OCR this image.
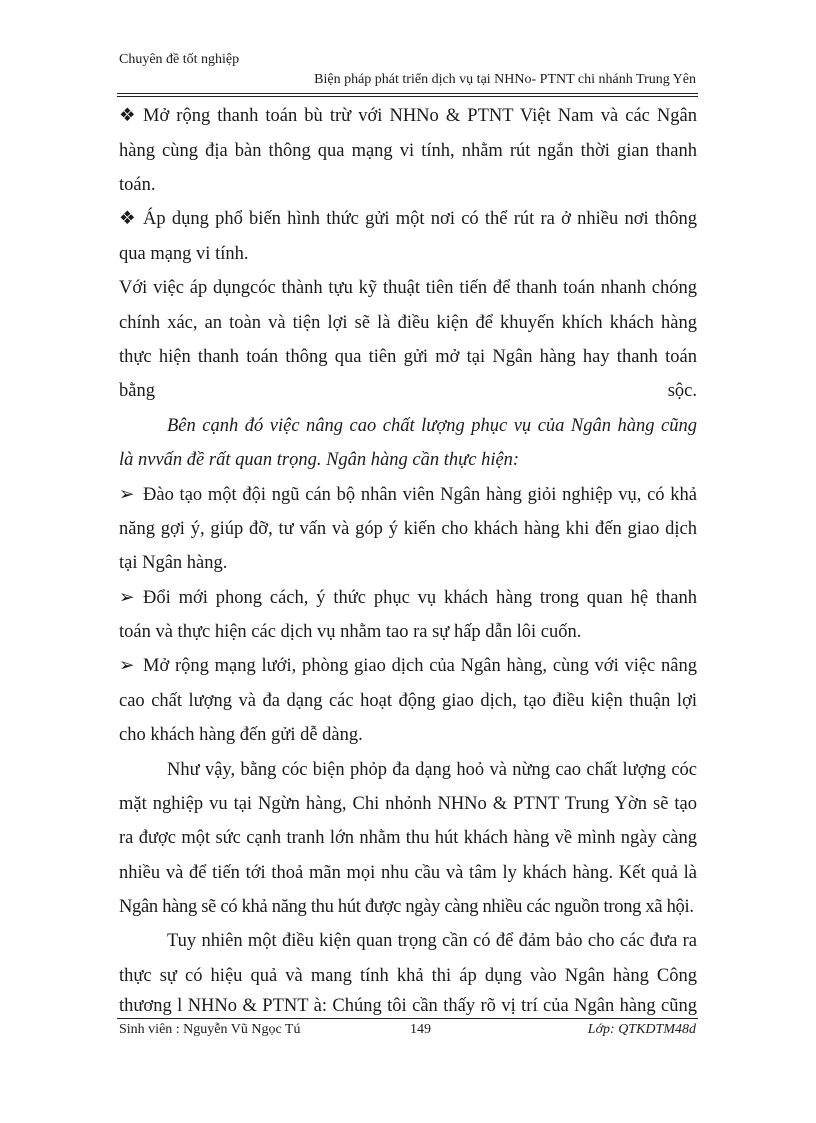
Chuyên đề tốt nghiệp
Biện pháp phát triển dịch vụ tại NHNo- PTNT chi nhánh Trung Yên
❖ Mở rộng thanh toán bù trừ với NHNo & PTNT Việt Nam và các Ngân
hàng cùng địa bàn thông qua mạng vi tính, nhằm rút ngắn thời gian thanh
toán.
❖ Áp dụng phổ biến hình thức gửi một nơi có thể rút ra ở nhiều nơi thông
qua mạng vi tính.
Với việc áp dụngcóc thành tựu kỹ thuật tiên tiến để thanh toán nhanh chóng
chính xác, an toàn và tiện lợi sẽ là điều kiện để khuyến khích khách hàng
thực hiện thanh toán thông qua tiên gửi mở tại Ngân hàng hay thanh toán
bằng	sộc.
Bên cạnh đó việc nâng cao chất lượng phục vụ của Ngân hàng cũng
là nvvấn đề rất quan trọng. Ngân hàng cần thực hiện:
➢ Đào tạo một đội ngũ cán bộ nhân viên Ngân hàng giỏi nghiệp vụ, có khả
năng gợi ý, giúp đỡ, tư vấn và góp ý kiến cho khách hàng khi đến giao dịch
tại Ngân hàng.
➢ Đổi mới phong cách, ý thức phục vụ khách hàng trong quan hệ thanh
toán và thực hiện các dịch vụ nhằm tao ra sự hấp dẫn lôi cuốn.
➢ Mở rộng mạng lưới, phòng giao dịch của Ngân hàng, cùng với việc nâng
cao chất lượng và đa dạng các hoạt động giao dịch, tạo điều kiện thuận lợi
cho khách hàng đến gửi dễ dàng.
Như vậy, bằng cóc biện phỏp đa dạng hoỏ và nừng cao chất lượng cóc
mặt nghiệp vu tại Ngừn hàng, Chi nhỏnh NHNo & PTNT Trung Yờn sẽ tạo
ra được một sức cạnh tranh lớn nhằm thu hút khách hàng về mình ngày càng
nhiều và để tiến tới thoả mãn mọi nhu cầu và tâm ly khách hàng. Kết quả là
Ngân hàng sẽ có khả năng thu hút được ngày càng nhiều các nguồn trong xã hội.
Tuy nhiên một điều kiện quan trọng cần có để đảm bảo cho các đưa ra
thực sự có hiệu quả và mang tính khả thi áp dụng vào Ngân hàng Công
thương l NHNo & PTNT à: Chúng tôi cần thấy rõ vị trí của Ngân hàng cũng
Sinh viên : Nguyễn Vũ Ngọc Tú	149	Lớp: QTKDTM48d
